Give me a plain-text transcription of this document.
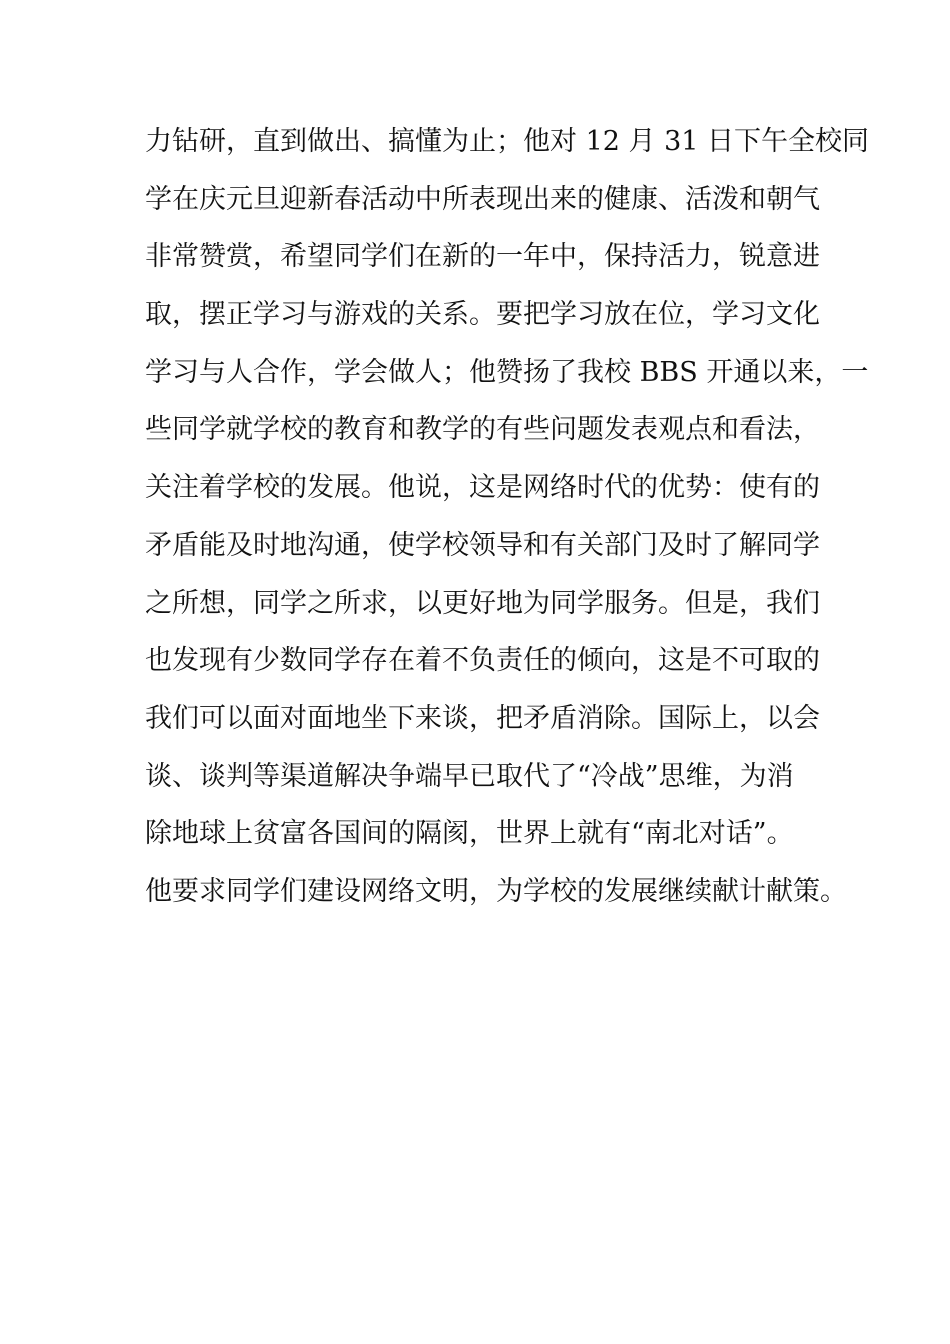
力钻研，直到做出、搞懂为止；他对 12 月 31 日下午全校同
学在庆元旦迎新春活动中所表现出来的健康、活泼和朝气
非常赞赏，希望同学们在新的一年中，保持活力，锐意进
取，摆正学习与游戏的关系。要把学习放在位，学习文化
学习与人合作，学会做人；他赞扬了我校 BBS 开通以来，一
些同学就学校的教育和教学的有些问题发表观点和看法，
关注着学校的发展。他说，这是网络时代的优势：使有的
矛盾能及时地沟通，使学校领导和有关部门及时了解同学
之所想，同学之所求，以更好地为同学服务。但是，我们
也发现有少数同学存在着不负责任的倾向，这是不可取的
我们可以面对面地坐下来谈，把矛盾消除。国际上，以会
谈、谈判等渠道解决争端早已取代了“冷战”思维，为消
除地球上贫富各国间的隔阂，世界上就有“南北对话”。
他要求同学们建设网络文明，为学校的发展继续献计献策。
